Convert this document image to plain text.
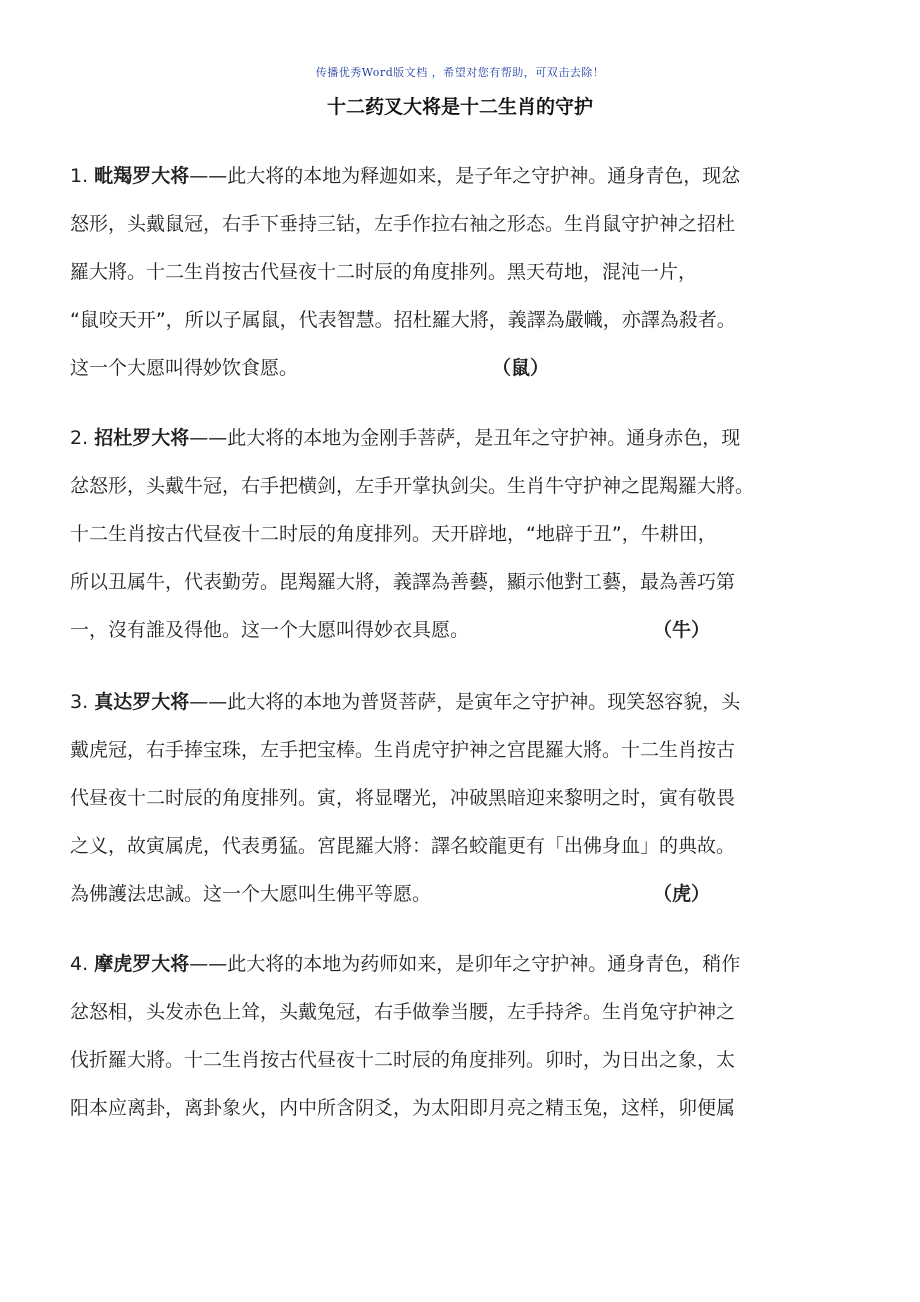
传播优秀Word版文档 ，希望对您有帮助，可双击去除！
十二药叉大将是十二生肖的守护
1. 毗羯罗大将——此大将的本地为释迦如来，是子年之守护神。通身青色，现忿
怒形，头戴鼠冠，右手下垂持三钴，左手作拉右袖之形态。生肖鼠守护神之招杜
羅大將。十二生肖按古代昼夜十二时辰的角度排列。黑天苟地，混沌一片，
“鼠咬天开”，所以子属鼠，代表智慧。招杜羅大將，義譯為嚴幟，亦譯為殺者。
这一个大愿叫得妙饮食愿。	（鼠）
2. 招杜罗大将——此大将的本地为金刚手菩萨，是丑年之守护神。通身赤色，现
忿怒形，头戴牛冠，右手把横剑，左手开掌执剑尖。生肖牛守护神之毘羯羅大將。
十二生肖按古代昼夜十二时辰的角度排列。天开辟地，“地辟于丑”，牛耕田，
所以丑属牛，代表勤劳。毘羯羅大將，義譯為善藝，顯示他對工藝，最為善巧第
一，沒有誰及得他。这一个大愿叫得妙衣具愿。	（牛）
3. 真达罗大将——此大将的本地为普贤菩萨，是寅年之守护神。现笑怒容貌，头
戴虎冠，右手捧宝珠，左手把宝棒。生肖虎守护神之宫毘羅大將。十二生肖按古
代昼夜十二时辰的角度排列。寅，将显曙光，冲破黑暗迎来黎明之时，寅有敬畏
之义，故寅属虎，代表勇猛。宮毘羅大將：譯名蛟龍更有「出佛身血」的典故。
為佛護法忠誠。这一个大愿叫生佛平等愿。	（虎）
4. 摩虎罗大将——此大将的本地为药师如来，是卯年之守护神。通身青色，稍作
忿怒相，头发赤色上耸，头戴兔冠，右手做拳当腰，左手持斧。生肖兔守护神之
伐折羅大將。十二生肖按古代昼夜十二时辰的角度排列。卯时，为日出之象，太
阳本应离卦，离卦象火，内中所含阴爻，为太阳即月亮之精玉兔，这样，卯便属
